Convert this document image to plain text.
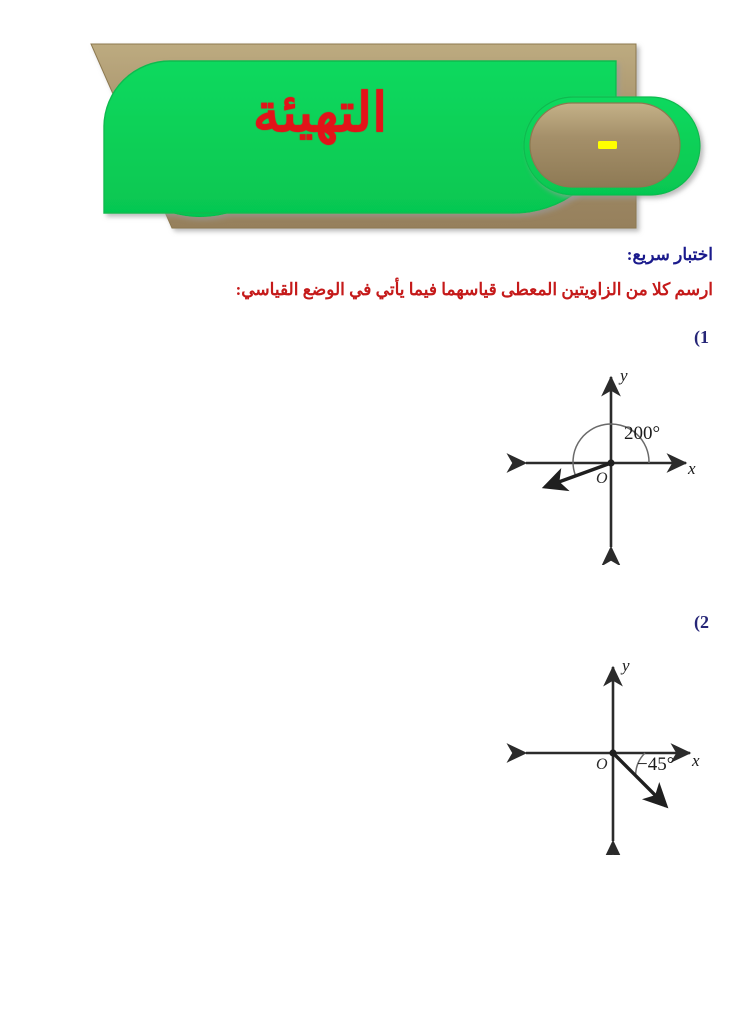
التهيئة
اختبار سريع:
ارسم كلا من الزاويتين المعطى قياسهما فيما يأتي في الوضع القياسي:
(1
(2
y
x
O
200°
y
x
O −45°
